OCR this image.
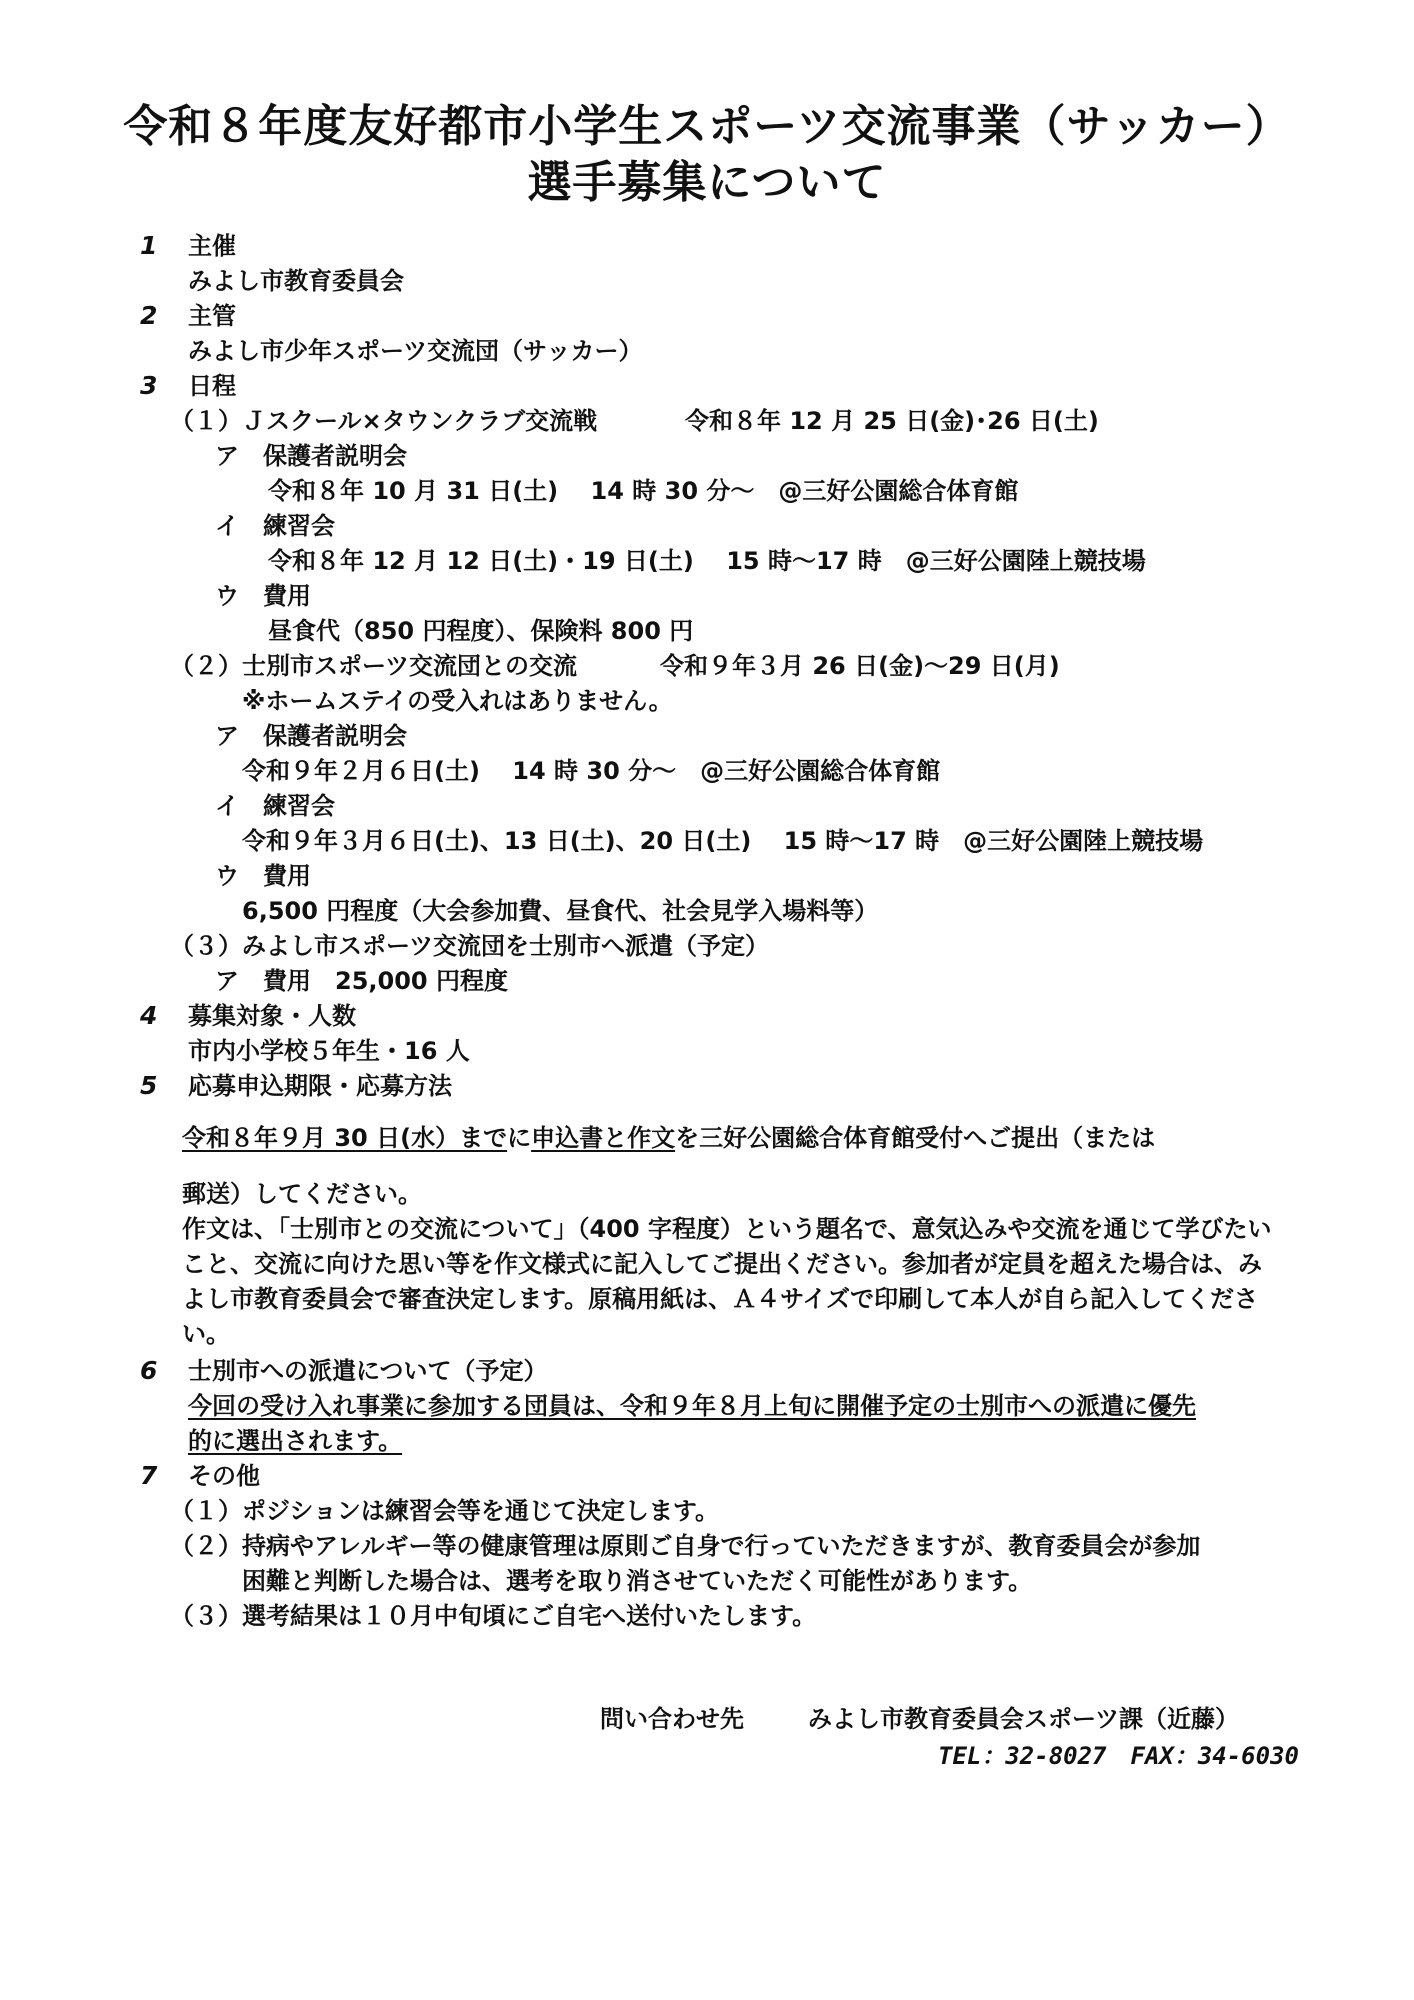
令和８年度友好都市小学生スポーツ交流事業（サッカー）
選手募集について
1 主催
みよし市教育委員会
2 主管
みよし市少年スポーツ交流団（サッカー）
3 日程
（１）Ｊスクール×タウンクラブ交流戦	令和８年 12 月 25 日(金)･26 日(土)
ア　保護者説明会
令和８年 10 月 31 日(土)　 14 時 30 分～　@三好公園総合体育館
イ　練習会
令和８年 12 月 12 日(土)・19 日(土)　 15 時～17 時　@三好公園陸上競技場
ウ　費用
昼食代（850 円程度）、保険料 800 円
（２）士別市スポーツ交流団との交流	令和９年３月 26 日(金)～29 日(月)
※ホームステイの受入れはありません。
ア　保護者説明会
令和９年２月６日(土)　 14 時 30 分～　@三好公園総合体育館
イ　練習会
令和９年３月６日(土)、13 日(土)、20 日(土)　 15 時～17 時　@三好公園陸上競技場
ウ　費用
6,500 円程度（大会参加費、昼食代、社会見学入場料等）
（３）みよし市スポーツ交流団を士別市へ派遣（予定）
ア　費用　25,000 円程度
4 募集対象・人数
市内小学校５年生・16 人
5 応募申込期限・応募方法
令和８年９月 30 日(水）までに申込書と作文を三好公園総合体育館受付へご提出（または
郵送）してください。
作文は、「士別市との交流について」（400 字程度）という題名で、意気込みや交流を通じて学びたいこと、交流に向けた思い等を作文様式に記入してご提出ください。参加者が定員を超えた場合は、みよし市教育委員会で審査決定します。原稿用紙は、Ａ４サイズで印刷して本人が自ら記入してください。
6 士別市への派遣について（予定）
今回の受け入れ事業に参加する団員は、令和９年８月上旬に開催予定の士別市への派遣に優先
的に選出されます。
7 その他
（１）ポジションは練習会等を通じて決定します。
（２）持病やアレルギー等の健康管理は原則ご自身で行っていただきますが、教育委員会が参加
困難と判断した場合は、選考を取り消させていただく可能性があります。
（３）選考結果は１０月中旬頃にご自宅へ送付いたします。
問い合わせ先	みよし市教育委員会スポーツ課（近藤）
TEL：32-8027　FAX：34-6030
